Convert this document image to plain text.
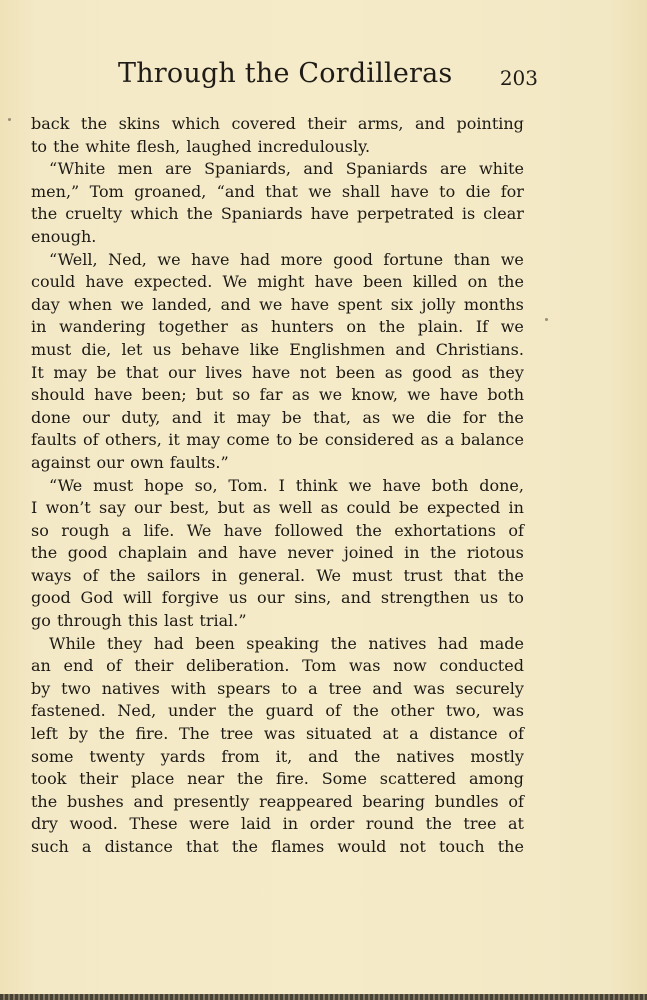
Through the Cordilleras 203
back the skins which covered their arms, and pointing
to the white flesh, laughed incredulously.
“White men are Spaniards, and Spaniards are white
men,” Tom groaned, “and that we shall have to die for
the cruelty which the Spaniards have perpetrated is clear
enough.
“Well, Ned, we have had more good fortune than we
could have expected. We might have been killed on the
day when we landed, and we have spent six jolly months
in wandering together as hunters on the plain. If we
must die, let us behave like Englishmen and Christians.
It may be that our lives have not been as good as they
should have been; but so far as we know, we have both
done our duty, and it may be that, as we die for the
faults of others, it may come to be considered as a balance
against our own faults.”
“We must hope so, Tom. I think we have both done,
I won’t say our best, but as well as could be expected in
so rough a life. We have followed the exhortations of
the good chaplain and have never joined in the riotous
ways of the sailors in general. We must trust that the
good God will forgive us our sins, and strengthen us to
go through this last trial.”
While they had been speaking the natives had made
an end of their deliberation. Tom was now conducted
by two natives with spears to a tree and was securely
fastened. Ned, under the guard of the other two, was
left by the fire. The tree was situated at a distance of
some twenty yards from it, and the natives mostly
took their place near the fire. Some scattered among
the bushes and presently reappeared bearing bundles of
dry wood. These were laid in order round the tree at
such a distance that the flames would not touch the
